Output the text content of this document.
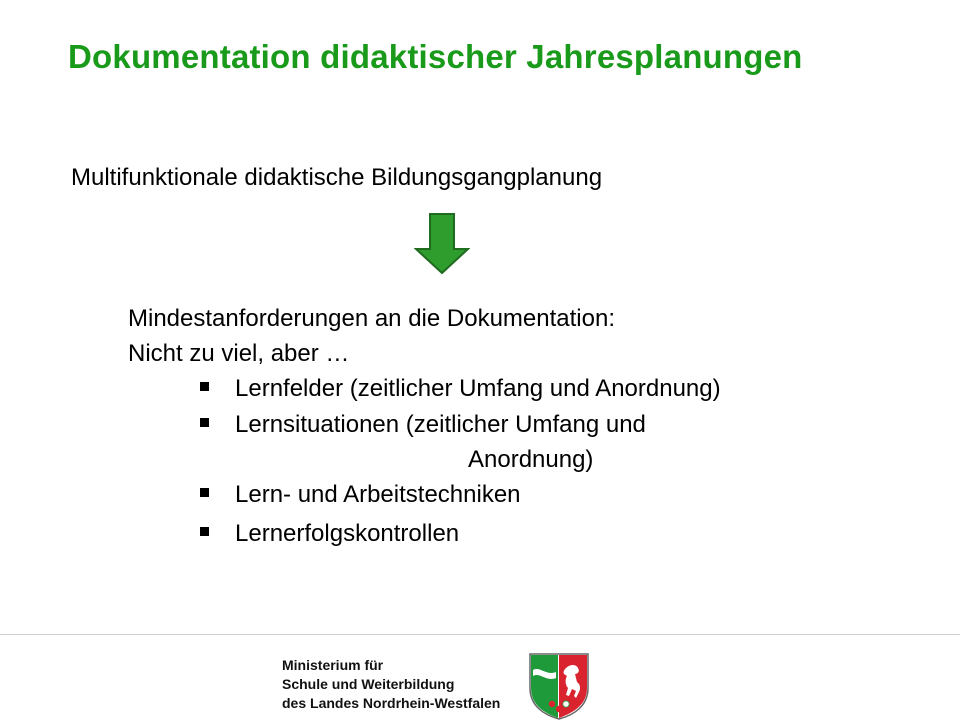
Dokumentation didaktischer Jahresplanungen
Multifunktionale didaktische Bildungsgangplanung
Mindestanforderungen an die Dokumentation:
Nicht zu viel, aber …
Lernfelder (zeitlicher Umfang und Anordnung)
Lernsituationen (zeitlicher Umfang und
Anordnung)
Lern- und Arbeitstechniken
Lernerfolgskontrollen
Ministerium für
Schule und Weiterbildung
des Landes Nordrhein-Westfalen
